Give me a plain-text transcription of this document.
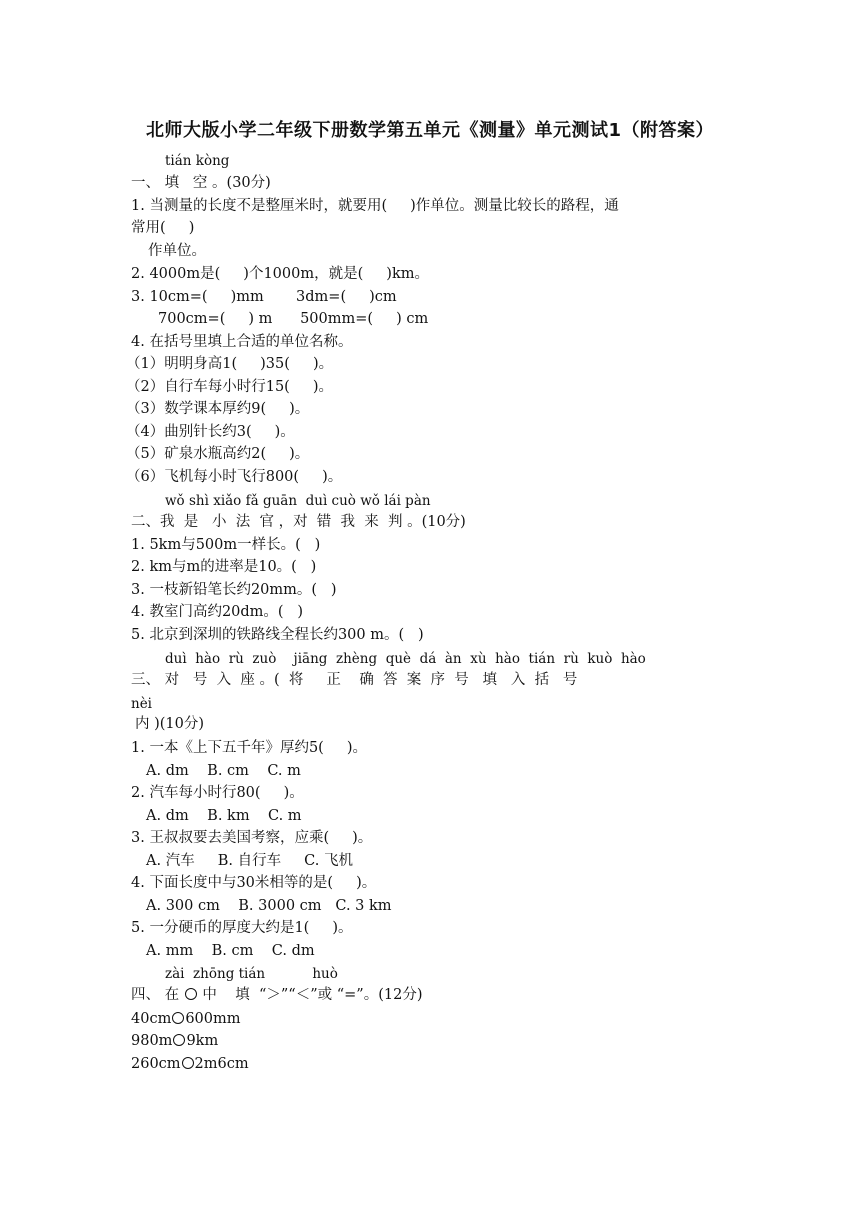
北师大版小学二年级下册数学第五单元《测量》单元测试1（附答案）
tián kòng
一、 填   空 。(30分)
1. 当测量的长度不是整厘米时，就要用(     )作单位。测量比较长的路程，通
常用(     )
作单位。
2. 4000m是(     )个1000m，就是(     )km。
3. 10cm=(     )mm       3dm=(     )cm
700cm=(     ) m      500mm=(     ) cm
4. 在括号里填上合适的单位名称。
（1）明明身高1(     )35(     )。
（2）自行车每小时行15(     )。
（3）数学课本厚约9(     )。
（4）曲别针长约3(     )。
（5）矿泉水瓶高约2(     )。
（6）飞机每小时飞行800(     )。
wǒ shì xiǎo fǎ guān  duì cuò wǒ lái pàn
二、我  是   小  法  官 ，对  错  我  来  判 。(10分)
1. 5km与500m一样长。(   )
2. km与m的进率是10。(   )
3. 一枝新铅笔长约20mm。(   )
4. 教室门高约20dm。(   )
5. 北京到深圳的铁路线全程长约300 m。(   )
duì  hào  rù  zuò    jiāng  zhèng  què  dá  àn  xù  hào  tián  rù  kuò  hào
三、 对   号  入  座 。(  将     正    确  答  案  序  号   填   入  括   号
nèi
内 )(10分)
1. 一本《上下五千年》厚约5(     )。
A. dm    B. cm    C. m
2. 汽车每小时行80(     )。
A. dm    B. km    C. m
3. 王叔叔要去美国考察，应乘(     )。
A. 汽车     B. 自行车     C. 飞机
4. 下面长度中与30米相等的是(     )。
A. 300 cm    B. 3000 cm   C. 3 km
5. 一分硬币的厚度大约是1(     )。
A. mm    B. cm    C. dm
zài  zhōng tián           huò
四、 在  中    填  “＞”“＜”或 “=”。(12分)
40cm 600mm
980m 9km
260cm 2m6cm
